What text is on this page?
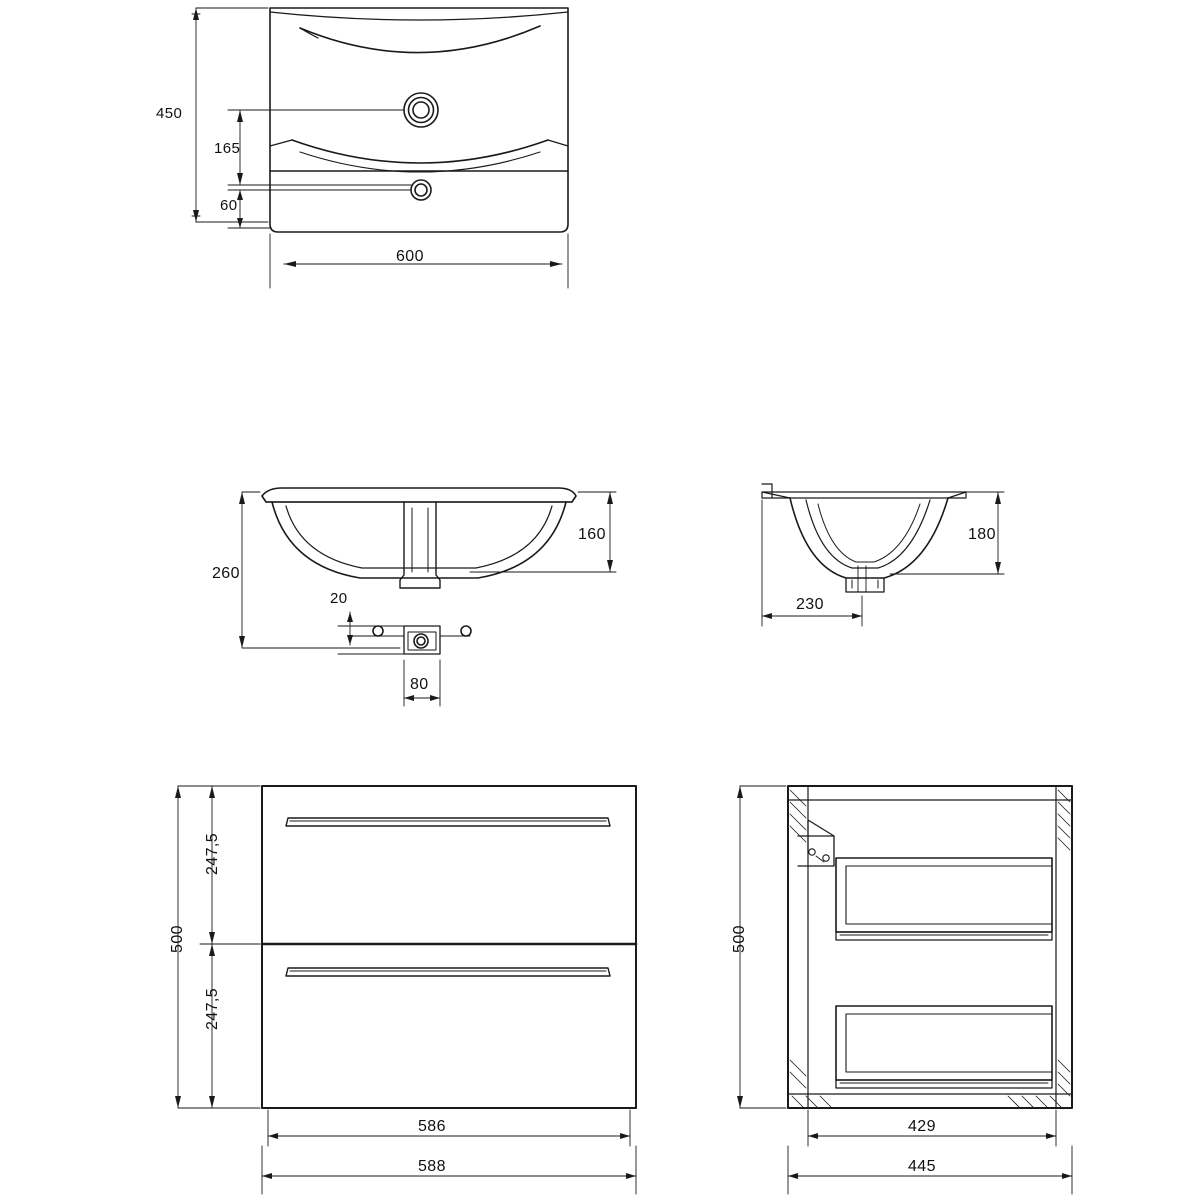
450
165
60
600
260
160
20
80
180
230
500
247,5
247,5
586
588
500
429
445
